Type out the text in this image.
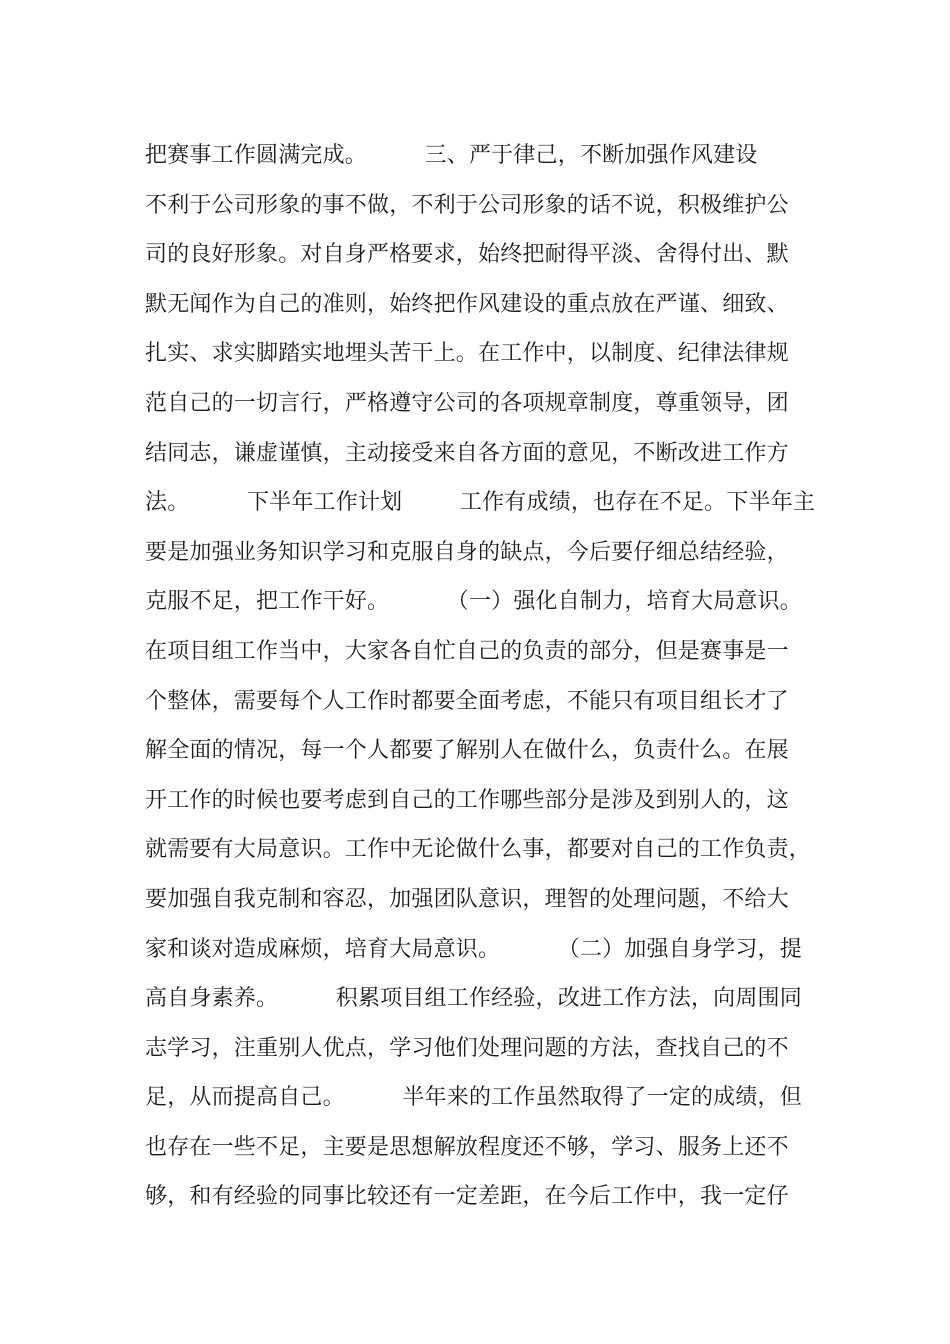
把赛事工作圆满完成。        三、严于律己，不断加强作风建设
不利于公司形象的事不做，不利于公司形象的话不说，积极维护公
司的良好形象。对自身严格要求，始终把耐得平淡、舍得付出、默
默无闻作为自己的准则，始终把作风建设的重点放在严谨、细致、
扎实、求实脚踏实地埋头苦干上。在工作中，以制度、纪律法律规
范自己的一切言行，严格遵守公司的各项规章制度，尊重领导，团
结同志，谦虚谨慎，主动接受来自各方面的意见，不断改进工作方
法。        下半年工作计划        工作有成绩，也存在不足。下半年主
要是加强业务知识学习和克服自身的缺点，今后要仔细总结经验，
克服不足，把工作干好。        （一）强化自制力，培育大局意识。
在项目组工作当中，大家各自忙自己的负责的部分，但是赛事是一
个整体，需要每个人工作时都要全面考虑，不能只有项目组长才了
解全面的情况，每一个人都要了解别人在做什么，负责什么。在展
开工作的时候也要考虑到自己的工作哪些部分是涉及到别人的，这
就需要有大局意识。工作中无论做什么事，都要对自己的工作负责，
要加强自我克制和容忍，加强团队意识，理智的处理问题，不给大
家和谈对造成麻烦，培育大局意识。        （二）加强自身学习，提
高自身素养。        积累项目组工作经验，改进工作方法，向周围同
志学习，注重别人优点，学习他们处理问题的方法，查找自己的不
足，从而提高自己。        半年来的工作虽然取得了一定的成绩，但
也存在一些不足，主要是思想解放程度还不够，学习、服务上还不
够，和有经验的同事比较还有一定差距，在今后工作中，我一定仔
